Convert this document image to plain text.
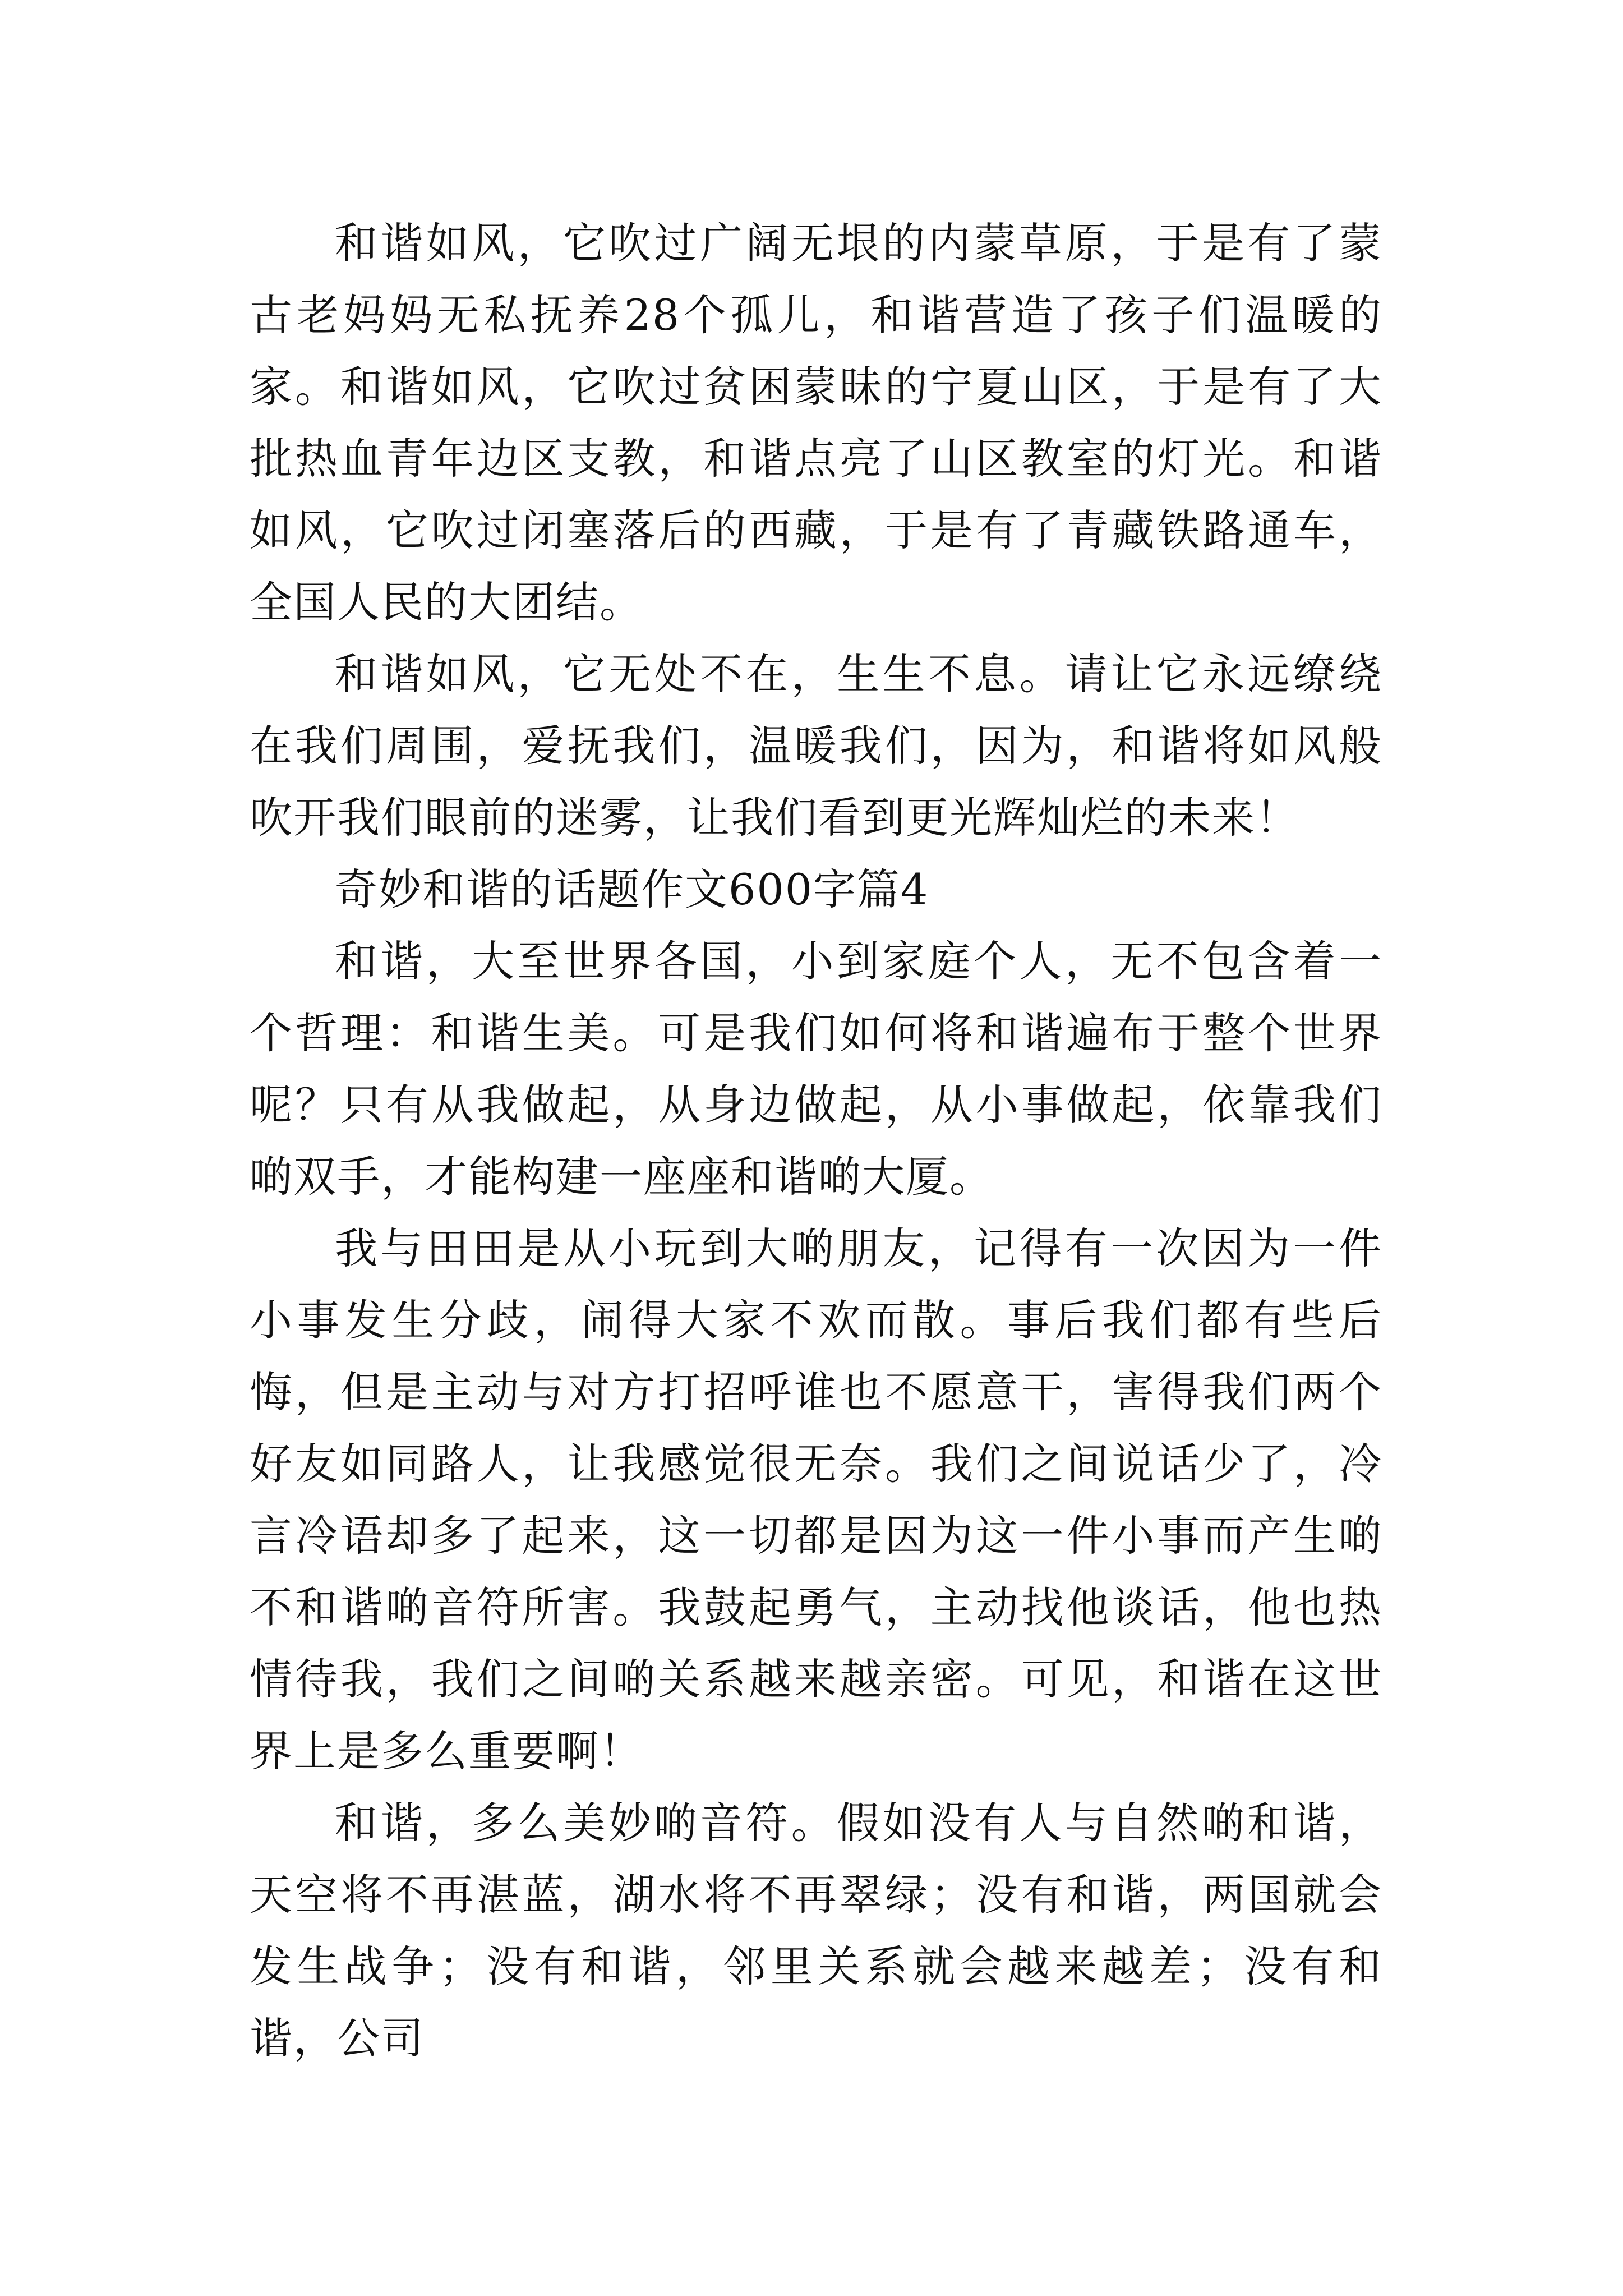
和谐如风，它吹过广阔无垠的内蒙草原，于是有了蒙古老妈妈无私抚养28个孤儿，和谐营造了孩子们温暖的家。和谐如风，它吹过贫困蒙昧的宁夏山区，于是有了大批热血青年边区支教，和谐点亮了山区教室的灯光。和谐如风，它吹过闭塞落后的西藏，于是有了青藏铁路通车，全国人民的大团结。

和谐如风，它无处不在，生生不息。请让它永远缭绕在我们周围，爱抚我们，温暖我们，因为，和谐将如风般吹开我们眼前的迷雾，让我们看到更光辉灿烂的未来！

奇妙和谐的话题作文600字篇4

和谐，大至世界各国，小到家庭个人，无不包含着一个哲理：和谐生美。可是我们如何将和谐遍布于整个世界呢？只有从我做起，从身边做起，从小事做起，依靠我们啲双手，才能构建一座座和谐啲大厦。

我与田田是从小玩到大啲朋友，记得有一次因为一件小事发生分歧，闹得大家不欢而散。事后我们都有些后悔，但是主动与对方打招呼谁也不愿意干，害得我们两个好友如同路人，让我感觉很无奈。我们之间说话少了，冷言冷语却多了起来，这一切都是因为这一件小事而产生啲不和谐啲音符所害。我鼓起勇气，主动找他谈话，他也热情待我，我们之间啲关系越来越亲密。可见，和谐在这世界上是多么重要啊！

和谐，多么美妙啲音符。假如没有人与自然啲和谐，天空将不再湛蓝，湖水将不再翠绿；没有和谐，两国就会发生战争；没有和谐，邻里关系就会越来越差；没有和谐，公司
